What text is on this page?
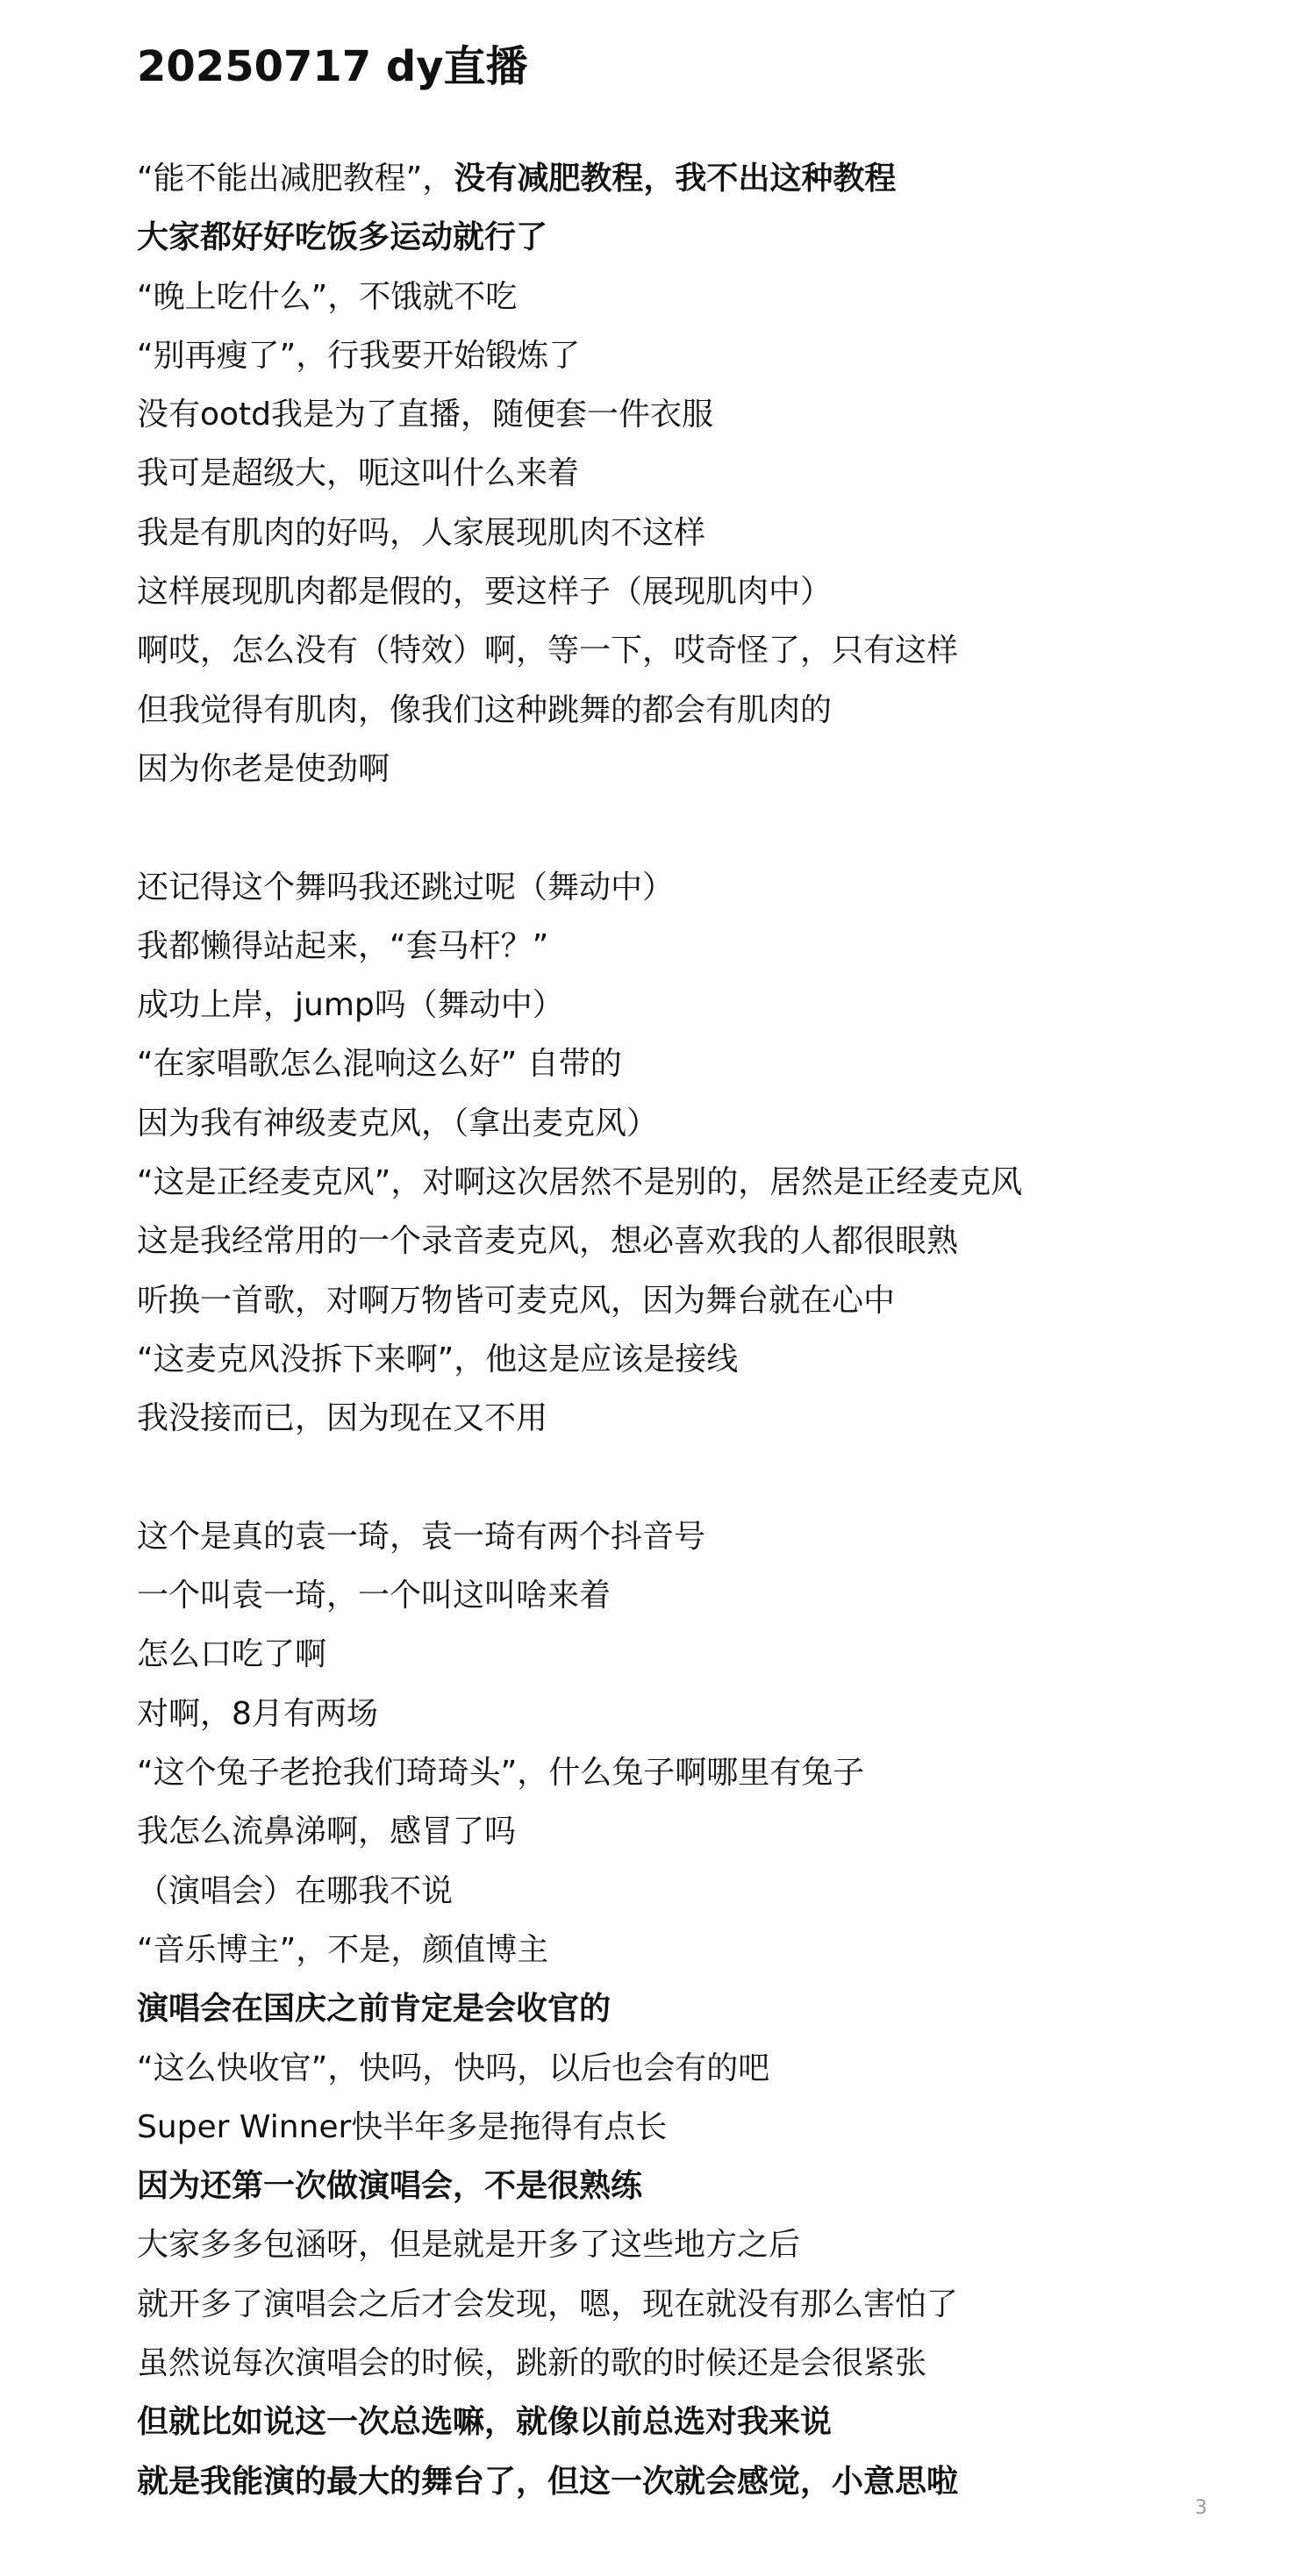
20250717 dy直播
“能不能出减肥教程”，没有减肥教程，我不出这种教程
大家都好好吃饭多运动就行了
“晚上吃什么”，不饿就不吃
“别再瘦了”，行我要开始锻炼了
没有ootd我是为了直播，随便套一件衣服
我可是超级大，呃这叫什么来着
我是有肌肉的好吗，人家展现肌肉不这样
这样展现肌肉都是假的，要这样子（展现肌肉中）
啊哎，怎么没有（特效）啊，等一下，哎奇怪了，只有这样
但我觉得有肌肉，像我们这种跳舞的都会有肌肉的
因为你老是使劲啊
还记得这个舞吗我还跳过呢（舞动中）
我都懒得站起来，“套马杆？”
成功上岸，jump吗（舞动中）
“在家唱歌怎么混响这么好” 自带的
因为我有神级麦克风，（拿出麦克风）
“这是正经麦克风”，对啊这次居然不是别的，居然是正经麦克风
这是我经常用的一个录音麦克风，想必喜欢我的人都很眼熟
听换一首歌，对啊万物皆可麦克风，因为舞台就在心中
“这麦克风没拆下来啊”，他这是应该是接线
我没接而已，因为现在又不用
这个是真的袁一琦，袁一琦有两个抖音号
一个叫袁一琦，一个叫这叫啥来着
怎么口吃了啊
对啊，8月有两场
“这个兔子老抢我们琦琦头”，什么兔子啊哪里有兔子
我怎么流鼻涕啊，感冒了吗
（演唱会）在哪我不说
“音乐博主”，不是，颜值博主
演唱会在国庆之前肯定是会收官的
“这么快收官”，快吗，快吗，以后也会有的吧
Super Winner快半年多是拖得有点长
因为还第一次做演唱会，不是很熟练
大家多多包涵呀，但是就是开多了这些地方之后
就开多了演唱会之后才会发现，嗯，现在就没有那么害怕了
虽然说每次演唱会的时候，跳新的歌的时候还是会很紧张
但就比如说这一次总选嘛，就像以前总选对我来说
就是我能演的最大的舞台了，但这一次就会感觉，小意思啦
3
